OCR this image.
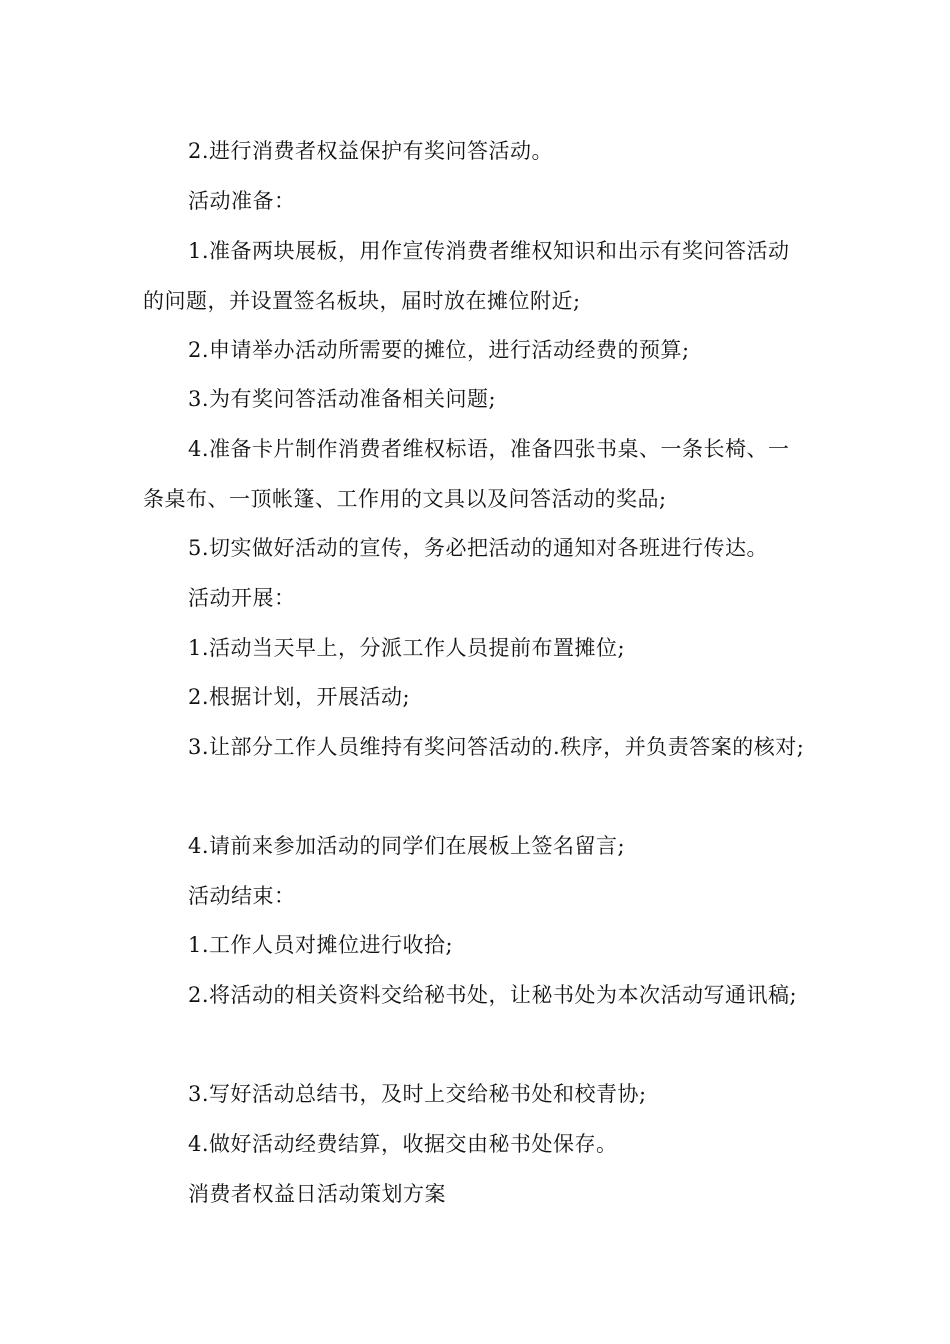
2.进行消费者权益保护有奖问答活动。

活动准备：

1.准备两块展板，用作宣传消费者维权知识和出示有奖问答活动的问题，并设置签名板块，届时放在摊位附近;

2.申请举办活动所需要的摊位，进行活动经费的预算;

3.为有奖问答活动准备相关问题;

4.准备卡片制作消费者维权标语，准备四张书桌、一条长椅、一条桌布、一顶帐篷、工作用的文具以及问答活动的奖品;

5.切实做好活动的宣传，务必把活动的通知对各班进行传达。

活动开展：

1.活动当天早上，分派工作人员提前布置摊位;

2.根据计划，开展活动;

3.让部分工作人员维持有奖问答活动的.秩序，并负责答案的核对;

4.请前来参加活动的同学们在展板上签名留言;

活动结束：

1.工作人员对摊位进行收拾;

2.将活动的相关资料交给秘书处，让秘书处为本次活动写通讯稿;

3.写好活动总结书，及时上交给秘书处和校青协;

4.做好活动经费结算，收据交由秘书处保存。

消费者权益日活动策划方案
